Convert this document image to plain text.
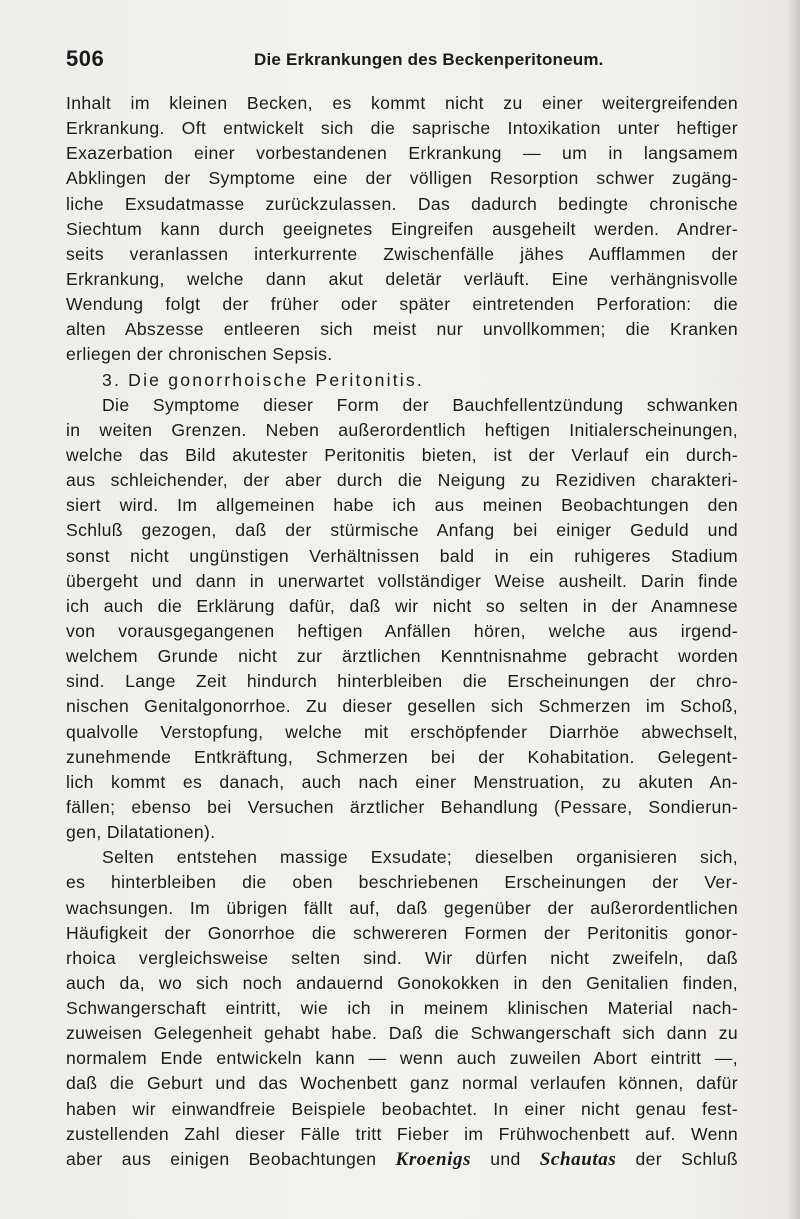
506	Die Erkrankungen des Beckenperitoneum.
Inhalt im kleinen Becken, es kommt nicht zu einer weitergreifenden
Erkrankung. Oft entwickelt sich die saprische Intoxikation unter heftiger
Exazerbation einer vorbestandenen Erkrankung — um in langsamem
Abklingen der Symptome eine der völligen Resorption schwer zugäng-
liche Exsudatmasse zurückzulassen. Das dadurch bedingte chronische
Siechtum kann durch geeignetes Eingreifen ausgeheilt werden. Andrer-
seits veranlassen interkurrente Zwischenfälle jähes Aufflammen der
Erkrankung, welche dann akut deletär verläuft. Eine verhängnisvolle
Wendung folgt der früher oder später eintretenden Perforation: die
alten Abszesse entleeren sich meist nur unvollkommen; die Kranken
erliegen der chronischen Sepsis.
3. Die gonorrhoische Peritonitis.
Die Symptome dieser Form der Bauchfellentzündung schwanken
in weiten Grenzen. Neben außerordentlich heftigen Initialerscheinungen,
welche das Bild akutester Peritonitis bieten, ist der Verlauf ein durch-
aus schleichender, der aber durch die Neigung zu Rezidiven charakteri-
siert wird. Im allgemeinen habe ich aus meinen Beobachtungen den
Schluß gezogen, daß der stürmische Anfang bei einiger Geduld und
sonst nicht ungünstigen Verhältnissen bald in ein ruhigeres Stadium
übergeht und dann in unerwartet vollständiger Weise ausheilt. Darin finde
ich auch die Erklärung dafür, daß wir nicht so selten in der Anamnese
von vorausgegangenen heftigen Anfällen hören, welche aus irgend-
welchem Grunde nicht zur ärztlichen Kenntnisnahme gebracht worden
sind. Lange Zeit hindurch hinterbleiben die Erscheinungen der chro-
nischen Genitalgonorrhoe. Zu dieser gesellen sich Schmerzen im Schoß,
qualvolle Verstopfung, welche mit erschöpfender Diarrhöe abwechselt,
zunehmende Entkräftung, Schmerzen bei der Kohabitation. Gelegent-
lich kommt es danach, auch nach einer Menstruation, zu akuten An-
fällen; ebenso bei Versuchen ärztlicher Behandlung (Pessare, Sondierun-
gen, Dilatationen).
Selten entstehen massige Exsudate; dieselben organisieren sich,
es hinterbleiben die oben beschriebenen Erscheinungen der Ver-
wachsungen. Im übrigen fällt auf, daß gegenüber der außerordentlichen
Häufigkeit der Gonorrhoe die schwereren Formen der Peritonitis gonor-
rhoica vergleichsweise selten sind. Wir dürfen nicht zweifeln, daß
auch da, wo sich noch andauernd Gonokokken in den Genitalien finden,
Schwangerschaft eintritt, wie ich in meinem klinischen Material nach-
zuweisen Gelegenheit gehabt habe. Daß die Schwangerschaft sich dann zu
normalem Ende entwickeln kann — wenn auch zuweilen Abort eintritt —,
daß die Geburt und das Wochenbett ganz normal verlaufen können, dafür
haben wir einwandfreie Beispiele beobachtet. In einer nicht genau fest-
zustellenden Zahl dieser Fälle tritt Fieber im Frühwochenbett auf. Wenn
aber aus einigen Beobachtungen Kroenigs und Schautas der Schluß
